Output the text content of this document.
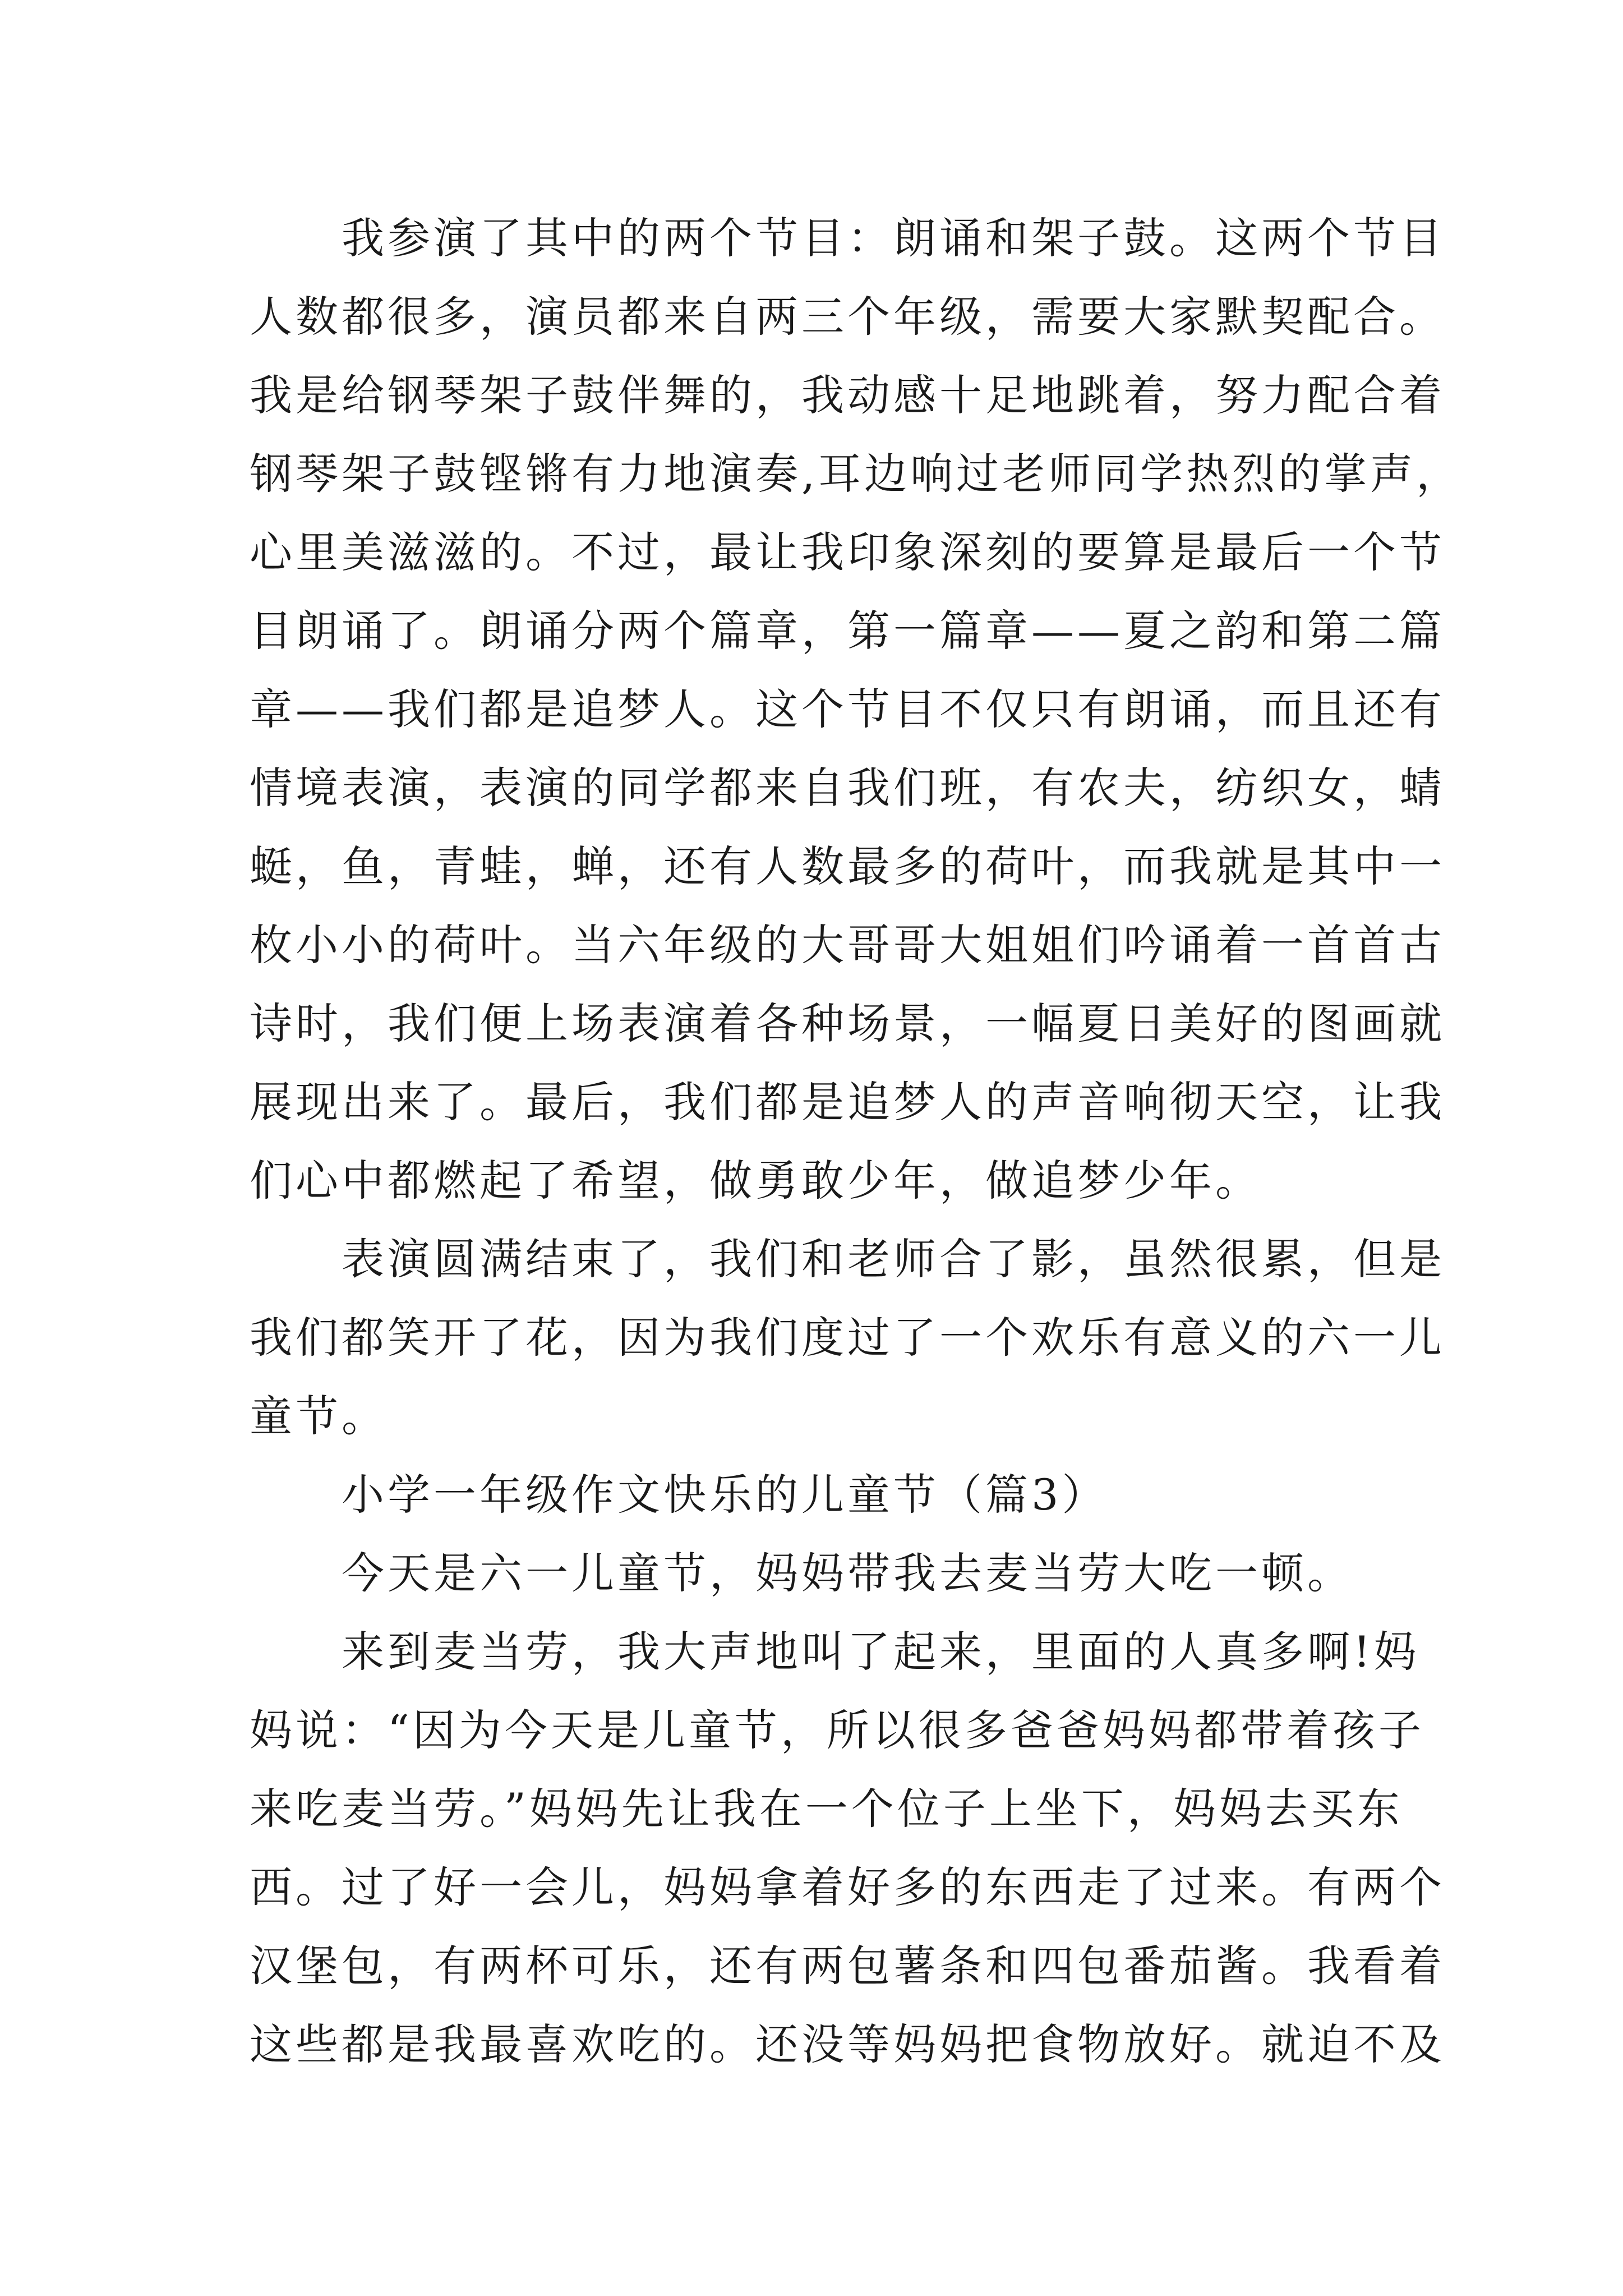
　　我参演了其中的两个节目：朗诵和架子鼓。这两个节目
人数都很多，演员都来自两三个年级，需要大家默契配合。
我是给钢琴架子鼓伴舞的，我动感十足地跳着，努力配合着
钢琴架子鼓铿锵有力地演奏,耳边响过老师同学热烈的掌声，
心里美滋滋的。不过，最让我印象深刻的要算是最后一个节
目朗诵了。朗诵分两个篇章，第一篇章——夏之韵和第二篇
章——我们都是追梦人。这个节目不仅只有朗诵，而且还有
情境表演，表演的同学都来自我们班，有农夫，纺织女，蜻
蜓，鱼，青蛙，蝉，还有人数最多的荷叶，而我就是其中一
枚小小的荷叶。当六年级的大哥哥大姐姐们吟诵着一首首古
诗时，我们便上场表演着各种场景，一幅夏日美好的图画就
展现出来了。最后，我们都是追梦人的声音响彻天空，让我
们心中都燃起了希望，做勇敢少年，做追梦少年。
　　表演圆满结束了，我们和老师合了影，虽然很累，但是
我们都笑开了花，因为我们度过了一个欢乐有意义的六一儿
童节。
　　小学一年级作文快乐的儿童节（篇3）
　　今天是六一儿童节，妈妈带我去麦当劳大吃一顿。
　　来到麦当劳，我大声地叫了起来，里面的人真多啊!妈
妈说：“因为今天是儿童节，所以很多爸爸妈妈都带着孩子
来吃麦当劳。”妈妈先让我在一个位子上坐下，妈妈去买东
西。过了好一会儿，妈妈拿着好多的东西走了过来。有两个
汉堡包，有两杯可乐，还有两包薯条和四包番茄酱。我看着
这些都是我最喜欢吃的。还没等妈妈把食物放好。就迫不及
